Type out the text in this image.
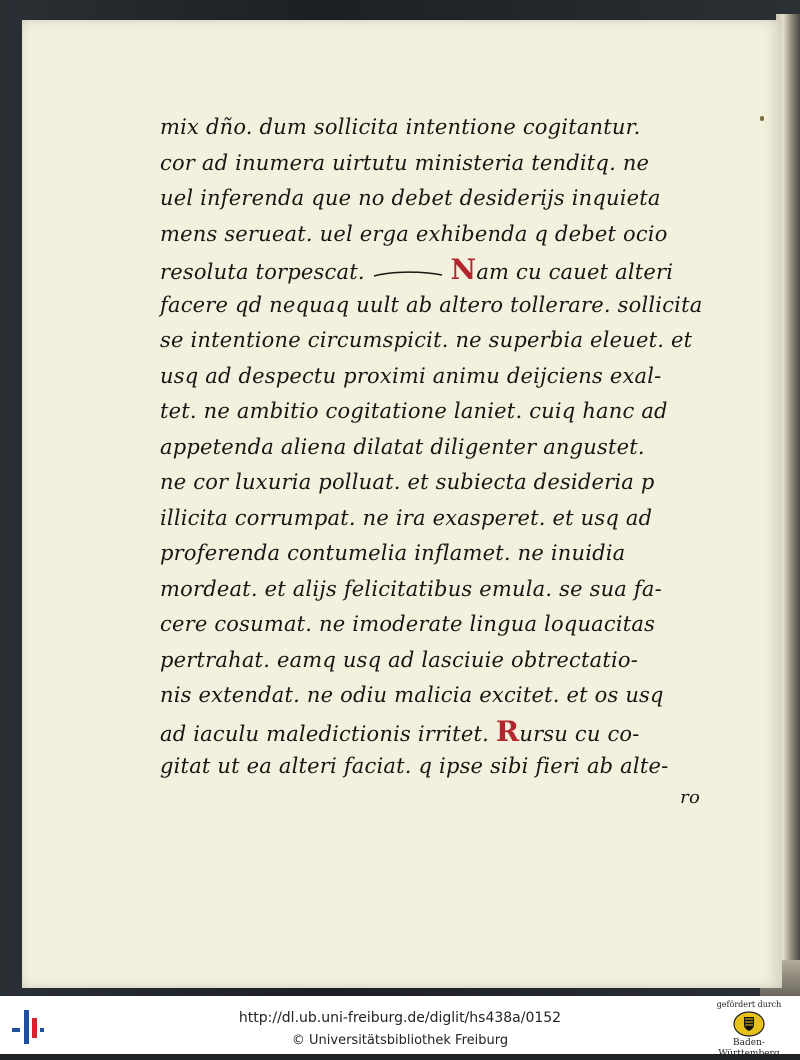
mix dño. dum sollicita intentione cogitantur.
cor ad inumera uirtutu ministeria tenditq. ne
uel inferenda que no debet desiderijs inquieta
mens serueat. uel erga exhibenda q debet ocio
resoluta torpescat.	Nam cu cauet alteri
facere qd nequaq uult ab altero tollerare. sollicita
se intentione circumspicit. ne superbia eleuet. et
usq ad despectu proximi animu deijciens exal-
tet. ne ambitio cogitatione laniet. cuiq hanc ad
appetenda aliena dilatat diligenter angustet.
ne cor luxuria polluat. et subiecta desideria p
illicita corrumpat. ne ira exasperet. et usq ad
proferenda contumelia inflamet. ne inuidia
mordeat. et alijs felicitatibus emula. se sua fa-
cere cosumat. ne imoderate lingua loquacitas
pertrahat. eamq usq ad lasciuie obtrectatio-
nis extendat. ne odiu malicia excitet. et os usq
ad iaculu maledictionis irritet. Rursu cu co-
gitat ut ea alteri faciat. q ipse sibi fieri ab alte-
ro
http://dl.ub.uni-freiburg.de/diglit/hs438a/0152
© Universitätsbibliothek Freiburg
gefördert durch
Baden-Württemberg
